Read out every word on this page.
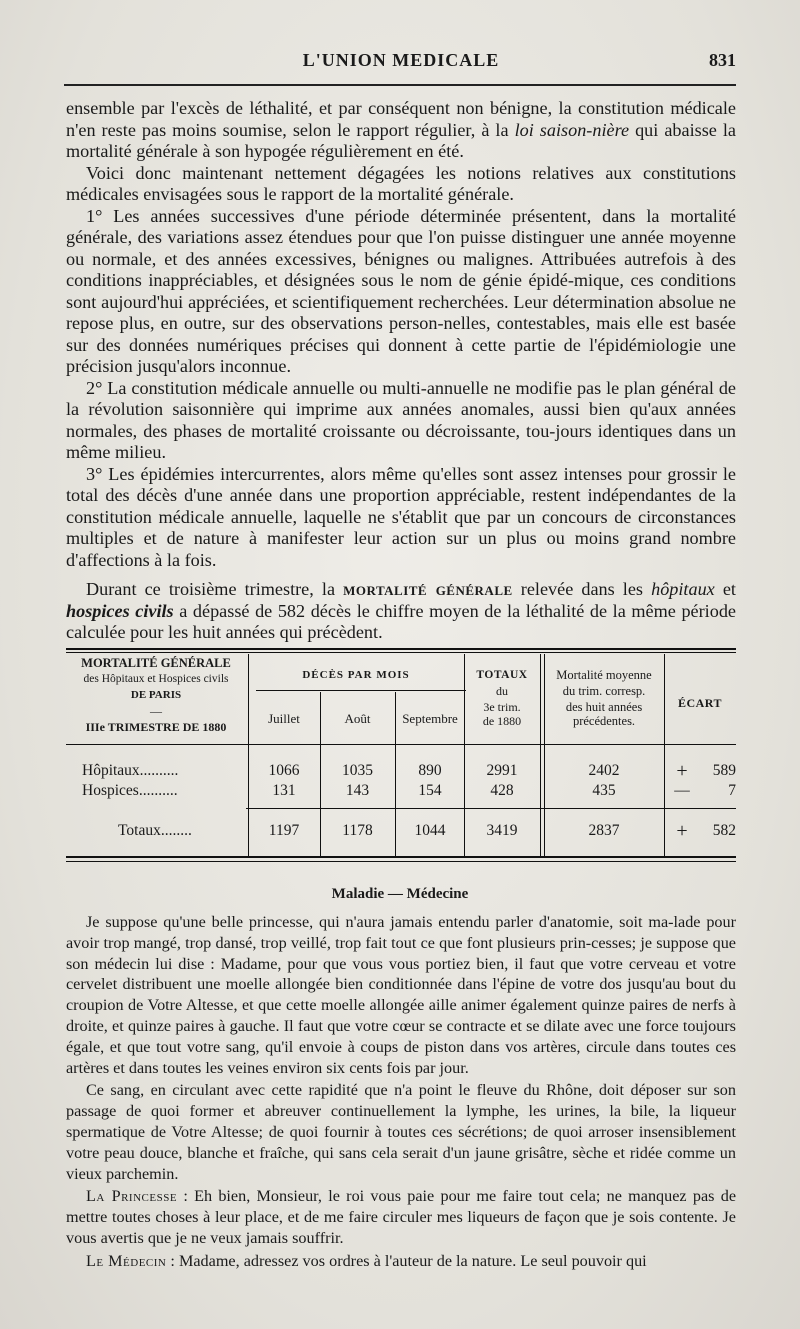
L'UNION MEDICALE	831

ensemble par l'excès de léthalité, et par conséquent non bénigne, la constitution médicale n'en reste pas moins soumise, selon le rapport régulier, à la loi saison-nière qui abaisse la mortalité générale à son hypogée régulièrement en été.

Voici donc maintenant nettement dégagées les notions relatives aux constitutions médicales envisagées sous le rapport de la mortalité générale.

1° Les années successives d'une période déterminée présentent, dans la mortalité générale, des variations assez étendues pour que l'on puisse distinguer une année moyenne ou normale, et des années excessives, bénignes ou malignes. Attribuées autrefois à des conditions inappréciables, et désignées sous le nom de génie épidé-mique, ces conditions sont aujourd'hui appréciées, et scientifiquement recherchées. Leur détermination absolue ne repose plus, en outre, sur des observations person-nelles, contestables, mais elle est basée sur des données numériques précises qui donnent à cette partie de l'épidémiologie une précision jusqu'alors inconnue.

2° La constitution médicale annuelle ou multi-annuelle ne modifie pas le plan général de la révolution saisonnière qui imprime aux années anomales, aussi bien qu'aux années normales, des phases de mortalité croissante ou décroissante, tou-jours identiques dans un même milieu.

3° Les épidémies intercurrentes, alors même qu'elles sont assez intenses pour grossir le total des décès d'une année dans une proportion appréciable, restent indépendantes de la constitution médicale annuelle, laquelle ne s'établit que par un concours de circonstances multiples et de nature à manifester leur action sur un plus ou moins grand nombre d'affections à la fois.

Durant ce troisième trimestre, la mortalité générale relevée dans les hôpitaux et hospices civils a dépassé de 582 décès le chiffre moyen de la léthalité de la même période calculée pour les huit années qui précèdent.

MORTALITÉ GÉNÉRALE
des Hôpitaux et Hospices civils
DE PARIS
—
IIIe TRIMESTRE DE 1880
DÉCÈS PAR MOIS
Juillet	Août	Septembre
TOTAUX
du
3e trim.
de 1880
Mortalité moyenne
du trim. corresp.
des huit années
précédentes.
ÉCART
Hôpitaux..........	1066	1035	890	2991	2402	+	589
Hospices..........	131	143	154	428	435	—	7
Totaux........	1197	1178	1044	3419	2837	+	582
Maladie — Médecine

Je suppose qu'une belle princesse, qui n'aura jamais entendu parler d'anatomie, soit ma-lade pour avoir trop mangé, trop dansé, trop veillé, trop fait tout ce que font plusieurs prin-cesses; je suppose que son médecin lui dise : Madame, pour que vous vous portiez bien, il faut que votre cerveau et votre cervelet distribuent une moelle allongée bien conditionnée dans l'épine de votre dos jusqu'au bout du croupion de Votre Altesse, et que cette moelle allongée aille animer également quinze paires de nerfs à droite, et quinze paires à gauche. Il faut que votre cœur se contracte et se dilate avec une force toujours égale, et que tout votre sang, qu'il envoie à coups de piston dans vos artères, circule dans toutes ces artères et dans toutes les veines environ six cents fois par jour.

Ce sang, en circulant avec cette rapidité que n'a point le fleuve du Rhône, doit déposer sur son passage de quoi former et abreuver continuellement la lymphe, les urines, la bile, la liqueur spermatique de Votre Altesse; de quoi fournir à toutes ces sécrétions; de quoi arroser insensiblement votre peau douce, blanche et fraîche, qui sans cela serait d'un jaune grisâtre, sèche et ridée comme un vieux parchemin.

La Princesse : Eh bien, Monsieur, le roi vous paie pour me faire tout cela; ne manquez pas de mettre toutes choses à leur place, et de me faire circuler mes liqueurs de façon que je sois contente. Je vous avertis que je ne veux jamais souffrir.

Le Médecin : Madame, adressez vos ordres à l'auteur de la nature. Le seul pouvoir qui
